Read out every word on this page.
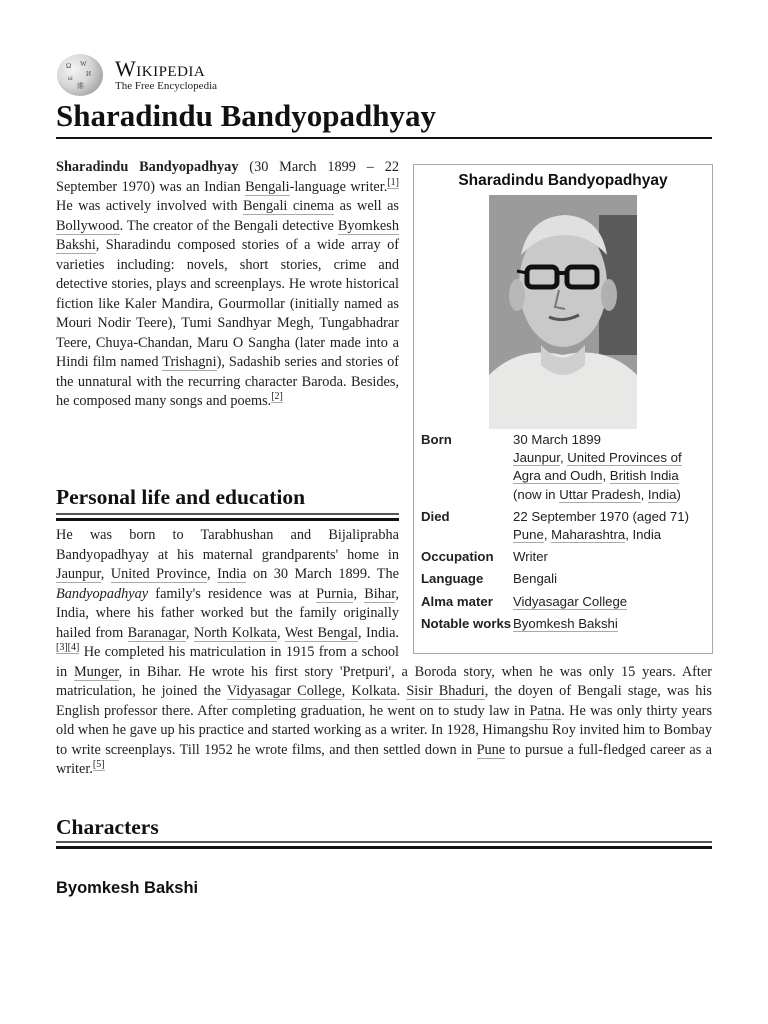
Ω W
И
ω
維
Wikipedia
The Free Encyclopedia
Sharadindu Bandyopadhyay

Sharadindu Bandyopadhyay (30 March 1899 – 22 September 1970) was an Indian Bengali-language writer.[1] He was actively involved with Bengali cinema as well as Bollywood. The creator of the Bengali detective Byomkesh Bakshi, Sharadindu composed stories of a wide array of varieties including: novels, short stories, crime and detective stories, plays and screenplays. He wrote historical fiction like Kaler Mandira, Gourmollar (initially named as Mouri Nodir Teere), Tumi Sandhyar Megh, Tungabhadrar Teere, Chuya-Chandan, Maru O Sangha (later made into a Hindi film named Trishagni), Sadashib series and stories of the unnatural with the recurring character Baroda. Besides, he composed many songs and poems.[2]

Sharadindu Bandyopadhyay
Born	30 March 1899
Jaunpur, United Provinces of Agra and Oudh, British India
(now in Uttar Pradesh, India)
Died	22 September 1970 (aged 71)
Pune, Maharashtra, India
Occupation	Writer
Language	Bengali
Alma mater	Vidyasagar College
Notable works Byomkesh Bakshi
Personal life and education

He was born to Tarabhushan and Bijaliprabha Bandyopadhyay at his maternal grandparents' home in Jaunpur, United Province, India on 30 March 1899. The Bandyopadhyay family's residence was at Purnia, Bihar, India, where his father worked but the family originally hailed from Baranagar, North Kolkata, West Bengal, India.[3][4] He completed his matriculation in 1915 from a school in Munger, in Bihar. He wrote his first story 'Pretpuri', a Boroda story, when he was only 15 years. After matriculation, he joined the Vidyasagar College, Kolkata. Sisir Bhaduri, the doyen of Bengali stage, was his English professor there. After completing graduation, he went on to study law in Patna. He was only thirty years old when he gave up his practice and started working as a writer. In 1928, Himangshu Roy invited him to Bombay to write screenplays. Till 1952 he wrote films, and then settled down in Pune to pursue a full-fledged career as a writer.[5]

Characters
Byomkesh Bakshi
